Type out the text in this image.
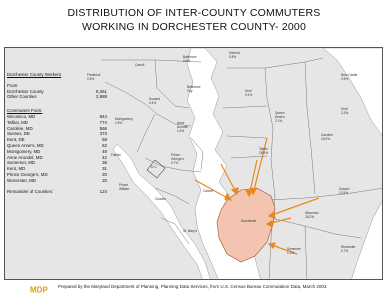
DISTRIBUTION OF INTER-COUNTY COMMUTERS
WORKING IN DORCHESTER COUNTY- 2000
Carroll
Baltimore
0.6%
Harford
0.8%
Frederick
0.6%
New Castle
0.5%
Howard
0.4%
Baltimore
City	Kent
0.1%
Kent
2.3%
Montgomery
1.6%	Anne
Arundel
1.4%
Queen
Anne's
2.1%
Caroline
18.9%
Talbot
25.9%
Fairfax
D.C.
Prince
George's
0.7%
Calvert
Prince
William
Charles
Sussex
12.5%
Dorchester
Wicomico
28.2%
St. Mary's
Somerset
1.2%
Worcester
0.7%
Dorchester County Workers
From:
Dorchester County	8,361
Other Counties	2,988
Commuters From:
Wicomico, MD	844
Talbot, MD	774
Caroline, MD	566
Sussex, DE	373
Kent, DE	68
Queen Anne's, MD	62
Montgomery, MD	48
Anne Arundel, MD	42
Somerset, MD	36
Kent, MD	31
Prince George's, MD	20
Worcester, MD	20
Remainder of Counties:	124
MDP Prepared by the Maryland Department of Planning, Planning Data Services, from U.S. Census Bureau Commutation Data, March 2003.
